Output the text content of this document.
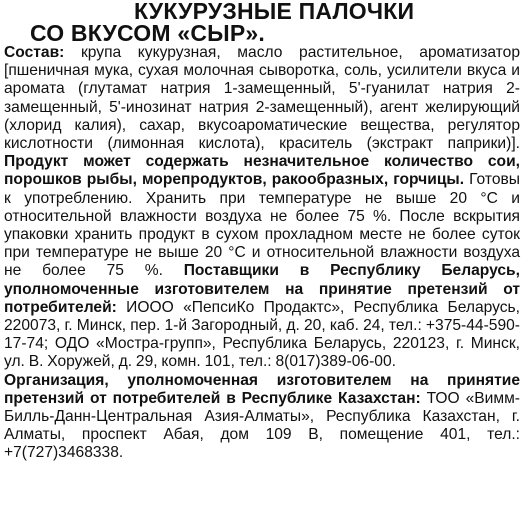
КУКУРУЗНЫЕ ПАЛОЧКИ
СО ВКУСОМ «СЫР».

Состав: крупа кукурузная, масло растительное, ароматизатор [пшеничная мука, сухая молочная сыворотка, соль, усилители вкуса и аромата (глутамат натрия 1-замещенный, 5'-гуанилат натрия 2-замещенный, 5'-инозинат натрия 2-замещенный), агент желирующий (хлорид калия), сахар, вкусоароматические вещества, регулятор кислотности (лимонная кислота), краситель (экстракт паприки)]. Продукт может содержать незначительное количество сои, порошков рыбы, морепродуктов, ракообразных, горчицы. Готовы к употреблению. Хранить при температуре не выше 20 °С и относительной влажности воздуха не более 75 %. После вскрытия упаковки хранить продукт в сухом прохладном месте не более суток при температуре не выше 20 °С и относительной влажности воздуха не более 75 %. Поставщики в Республику Беларусь, уполномоченные изготовителем на принятие претензий от потребителей: ИООО «ПепсиКо Продактс», Республика Беларусь, 220073, г. Минск, пер. 1-й Загородный, д. 20, каб. 24, тел.: +375-44-590-17-74; ОДО «Мостра-групп», Республика Беларусь, 220123, г. Минск, ул. В. Хоружей, д. 29, комн. 101, тел.: 8(017)389-06-00.
Организация, уполномоченная изготовителем на принятие претензий от потребителей в Республике Казахстан: ТОО «Вимм-Билль-Данн-Центральная Азия-Алматы», Республика Казахстан, г. Алматы, проспект Абая, дом 109 В, помещение 401, тел.: +7(727)3468338.
